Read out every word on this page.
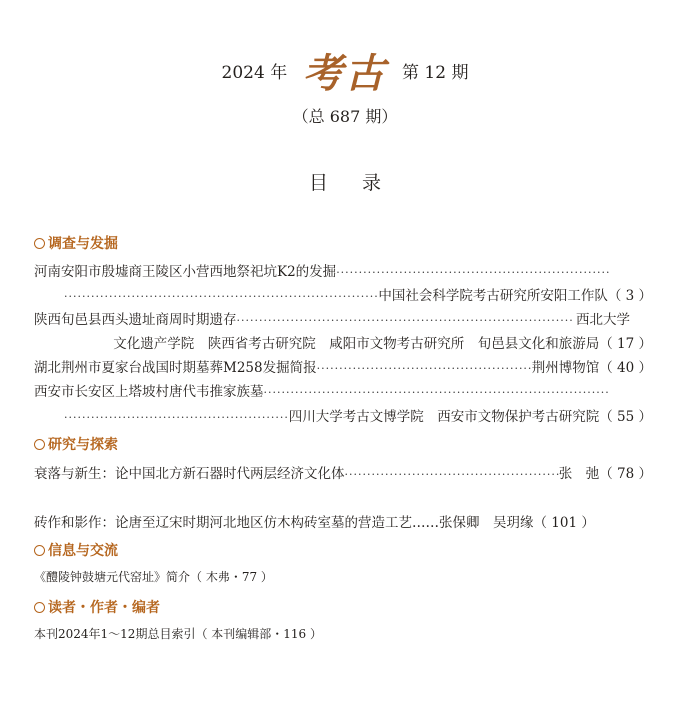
2024 年 考古 第 12 期
（总 687 期）
目录
调查与发掘
河南安阳市殷墟商王陵区小营西地祭祀坑K2的发掘
·····
·····
中国社会科学院考古研究所安阳工作队 （ 3 ）
陕西旬邑县西头遗址商周时期遗存 ·····	西北大学
文化遗产学院　陕西省考古研究院　咸阳市文物考古研究所　旬邑县文化和旅游局（ 17 ）
湖北荆州市夏家台战国时期墓葬M258发掘简报 ·····	荆州博物馆 （ 40 ）
西安市长安区上塔坡村唐代韦推家族墓
·····
·····
四川大学考古文博学院　西安市文物保护考古研究院 （ 55 ）
研究与探索
衰落与新生：论中国北方新石器时代两层经济文化体 ·····	张　弛 （ 78 ）
砖作和影作：论唐至辽宋时期河北地区仿木构砖室墓的营造工艺……张保卿　吴玥缘（ 101 ）
信息与交流
《醴陵钟鼓塘元代窑址》简介（ 木弗・77 ）
读者・作者・编者
本刊2024年1～12期总目索引（ 本刊编辑部・116 ）
